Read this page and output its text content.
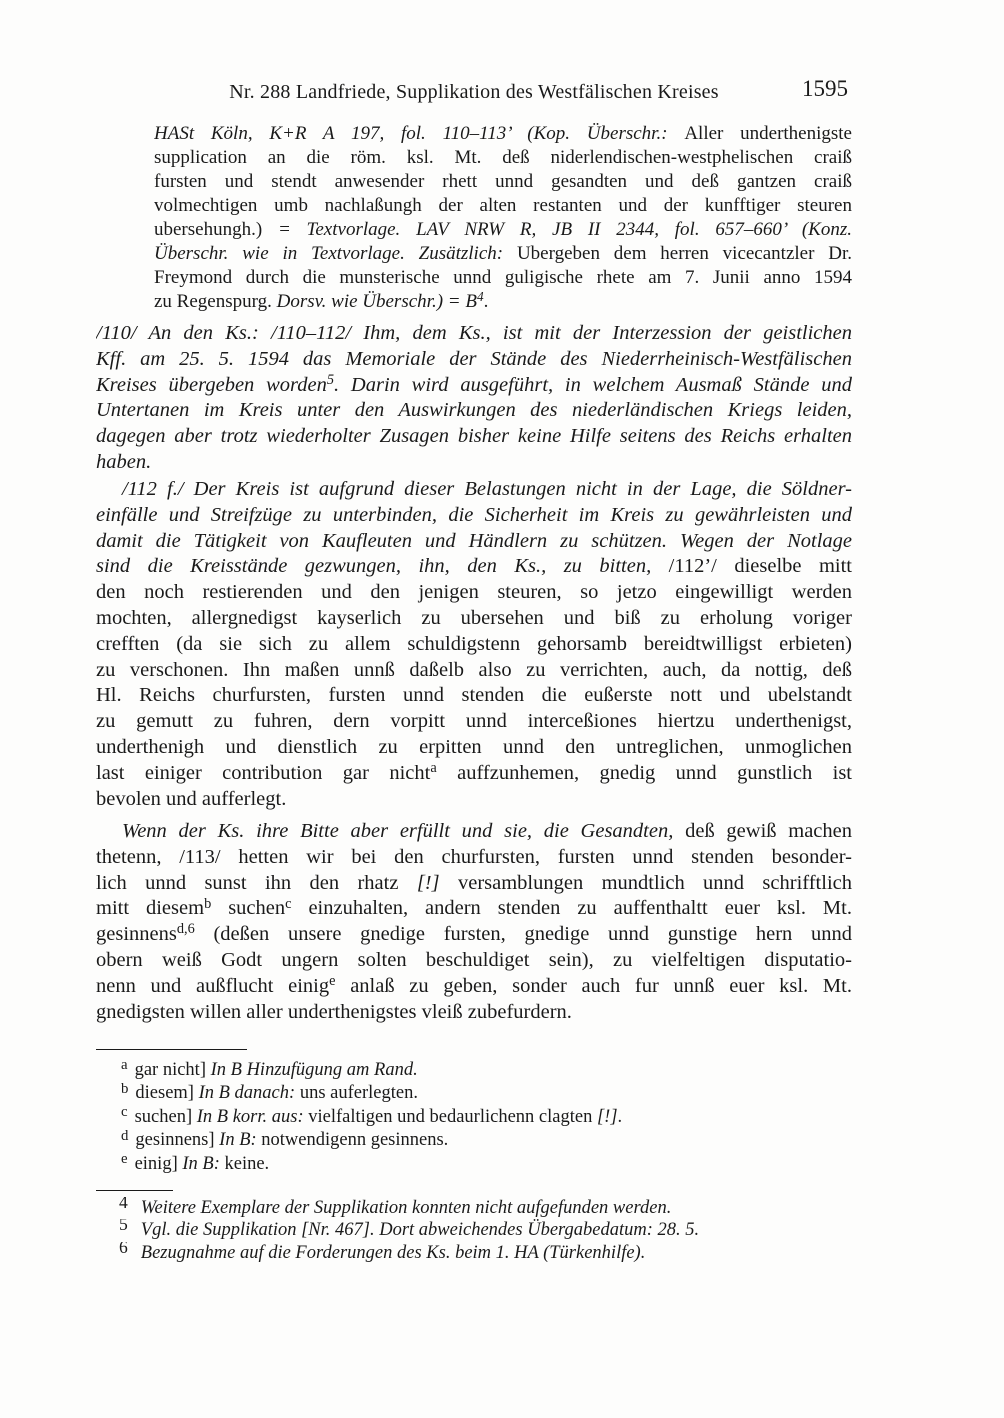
Nr. 288 Landfriede, Supplikation des Westfälischen Kreises	1595
HASt Köln, K+R A 197, fol. 110–113’ (Kop. Überschr.: Aller underthenigste
supplication an die röm. ksl. Mt. deß niderlendischen-westphelischen craiß
fursten und stendt anwesender rhett unnd gesandten und deß gantzen craiß
volmechtigen umb nachlaßungh der alten restanten und der kunfftiger steuren
ubersehungh.) = Textvorlage. LAV NRW R, JB II 2344, fol. 657–660’ (Konz.
Überschr. wie in Textvorlage. Zusätzlich: Ubergeben dem herren vicecantzler Dr.
Freymond durch die munsterische unnd guligische rhete am 7. Junii anno 1594
zu Regenspurg. Dorsv. wie Überschr.) = $B^4$.
/110/ An den Ks.: /110–112/ Ihm, dem Ks., ist mit der Interzession der geistlichen
Kff. am 25. 5. 1594 das Memoriale der Stände des Niederrheinisch-Westfälischen
Kreises übergeben worden$^5$. Darin wird ausgeführt, in welchem Ausmaß Stände und
Untertanen im Kreis unter den Auswirkungen des niederländischen Kriegs leiden,
dagegen aber trotz wiederholter Zusagen bisher keine Hilfe seitens des Reichs erhalten
haben.
/112 f./ Der Kreis ist aufgrund dieser Belastungen nicht in der Lage, die Söldner-
einfälle und Streifzüge zu unterbinden, die Sicherheit im Kreis zu gewährleisten und
damit die Tätigkeit von Kaufleuten und Händlern zu schützen. Wegen der Notlage
sind die Kreisstände gezwungen, ihn, den Ks., zu bitten, /112’/ dieselbe mitt
den noch restierenden und den jenigen steuren, so jetzo eingewilligt werden
mochten, allergnedigst kayserlich zu ubersehen und biß zu erholung voriger
crefften (da sie sich zu allem schuldigstenn gehorsamb bereidtwilligst erbieten)
zu verschonen. Ihn maßen unnß daßelb also zu verrichten, auch, da nottig, deß
Hl. Reichs churfursten, fursten unnd stenden die eußerste nott und ubelstandt
zu gemutt zu fuhren, dern vorpitt unnd interceßiones hiertzu underthenigst,
underthenigh und dienstlich zu erpitten unnd den untreglichen, unmoglichen
last einiger contribution gar nicht$^a$ auffzunhemen, gnedig unnd gunstlich ist
bevolen und aufferlegt.
Wenn der Ks. ihre Bitte aber erfüllt und sie, die Gesandten, deß gewiß machen
thetenn, /113/ hetten wir bei den churfursten, fursten unnd stenden besonder-
lich unnd sunst ihn den rhatz [!] versamblungen mundtlich unnd schrifftlich
mitt diesem$^b$ suchen$^c$ einzuhalten, andern stenden zu auffenthaltt euer ksl. Mt.
gesinnens$^{d,6}$ (deßen unsere gnedige fursten, gnedige unnd gunstige hern unnd
obern weiß Godt ungern solten beschuldiget sein), zu vielfeltigen disputatio-
nenn und außflucht einig$^e$ anlaß zu geben, sonder auch fur unnß euer ksl. Mt.
gnedigsten willen aller underthenigstes vleiß zubefurdern.
$^a$ gar nicht] In B Hinzufügung am Rand.
$^b$ diesem] In B danach: uns auferlegten.
$^c$ suchen] In B korr. aus: vielfaltigen und bedaurlichenn clagten [!].
$^d$ gesinnens] In B: notwendigenn gesinnens.
$^e$ einig] In B: keine.
4 Weitere Exemplare der Supplikation konnten nicht aufgefunden werden.
5 Vgl. die Supplikation [Nr. 467]. Dort abweichendes Übergabedatum: 28. 5.
6 Bezugnahme auf die Forderungen des Ks. beim 1. HA (Türkenhilfe).
